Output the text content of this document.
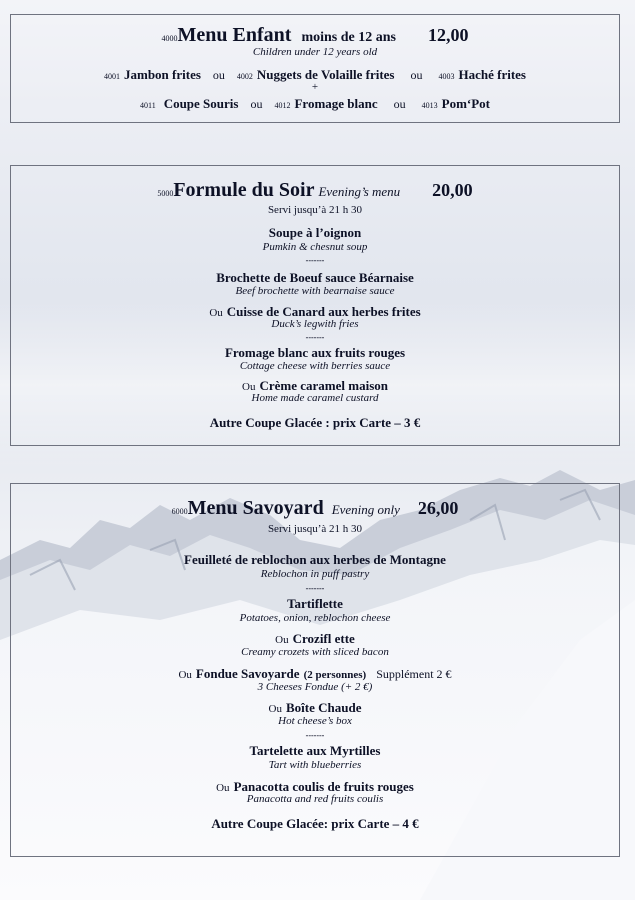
4000Menu Enfant moins de 12 ans 12,00
Children under 12 years old
4001 Jambon frites ou 4002 Nuggets de Volaille frites ou 4003 Haché frites
+
4011 Coupe Souris ou 4012 Fromage blanc ou 4013 Pom‘Pot
5000Formule du Soir Evening’s menu 20,00
Servi jusqu’à 21 h 30
Soupe à l’oignon
Pumkin & chesnut soup
-------
Brochette de Boeuf sauce Béarnaise
Beef brochette with bearnaise sauce
Ou Cuisse de Canard aux herbes frites
Duck’s legwith fries
-------
Fromage blanc aux fruits rouges
Cottage cheese with berries sauce
Ou Crème caramel maison
Home made caramel custard
Autre Coupe Glacée : prix Carte – 3 €
6000Menu Savoyard Evening only 26,00
Servi jusqu’à 21 h 30
Feuilleté de reblochon aux herbes de Montagne
Reblochon in puff pastry
-------
Tartiflette
Potatoes, onion, reblochon cheese
Ou Crozifl ette
Creamy crozets with sliced bacon
Ou Fondue Savoyarde (2 personnes) Supplément 2 €
3 Cheeses Fondue (+ 2 €)
Ou Boîte Chaude
Hot cheese’s box
-------
Tartelette aux Myrtilles
Tart with blueberries
Ou Panacotta coulis de fruits rouges
Panacotta and red fruits coulis
Autre Coupe Glacée: prix Carte – 4 €
